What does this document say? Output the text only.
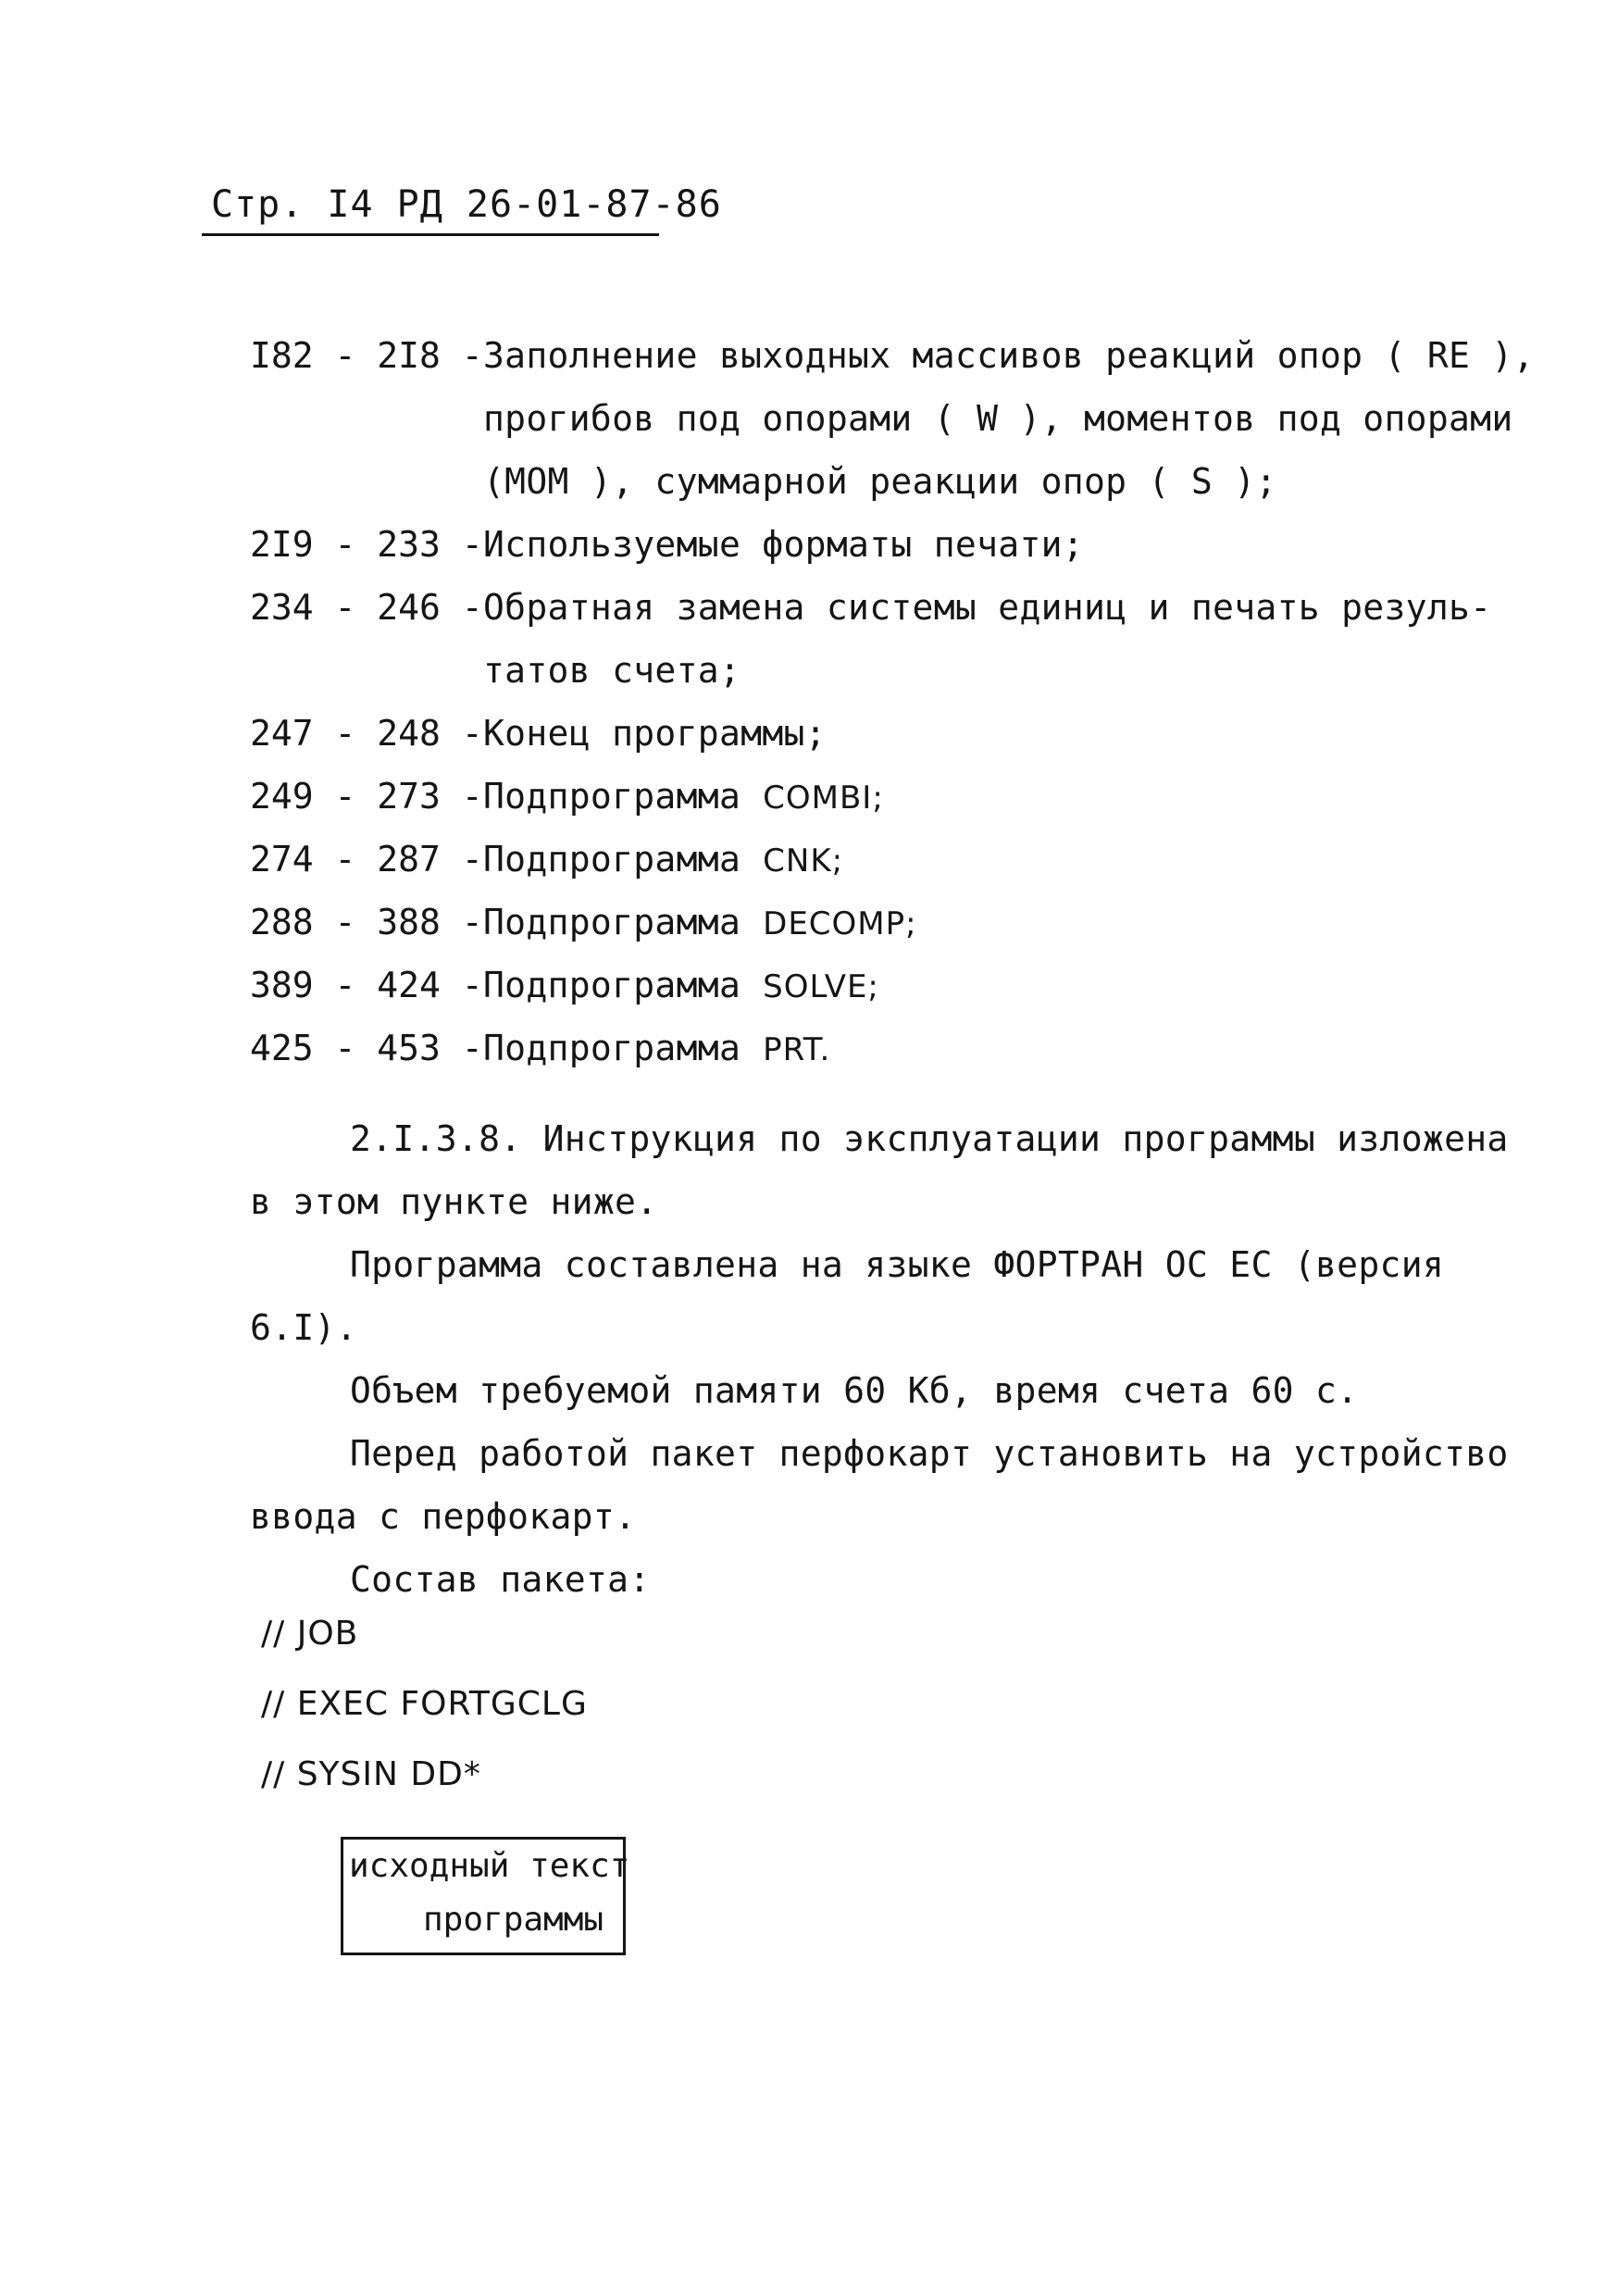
Стр. I4 РД 26-01-87-86
I82 - 2I8 - Заполнение выходных массивов реакций опор ( RE ),
прогибов под опорами ( W ), моментов под опорами
(MOM ), суммарной реакции опор ( S );
2I9 - 233 - Используемые форматы печати;
234 - 246 - Обратная замена системы единиц и печать резуль-
татов счета;
247 - 248 - Конец программы;
249 - 273 - Подпрограмма COMBI;
274 - 287 - Подпрограмма CNK;
288 - 388 - Подпрограмма DECOMP;
389 - 424 - Подпрограмма SOLVE;
425 - 453 - Подпрограмма PRT.
2.I.3.8. Инструкция по эксплуатации программы изложена
в этом пункте ниже.
Программа составлена на языке ФОРТРАН ОС ЕС (версия
6.I).
Объем требуемой памяти 60 Кб, время счета 60 с.
Перед работой пакет перфокарт установить на устройство
ввода с перфокарт.
Состав пакета:
// JOB
// EXEC FORTGCLG
// SYSIN DD*
исходный текст
программы
